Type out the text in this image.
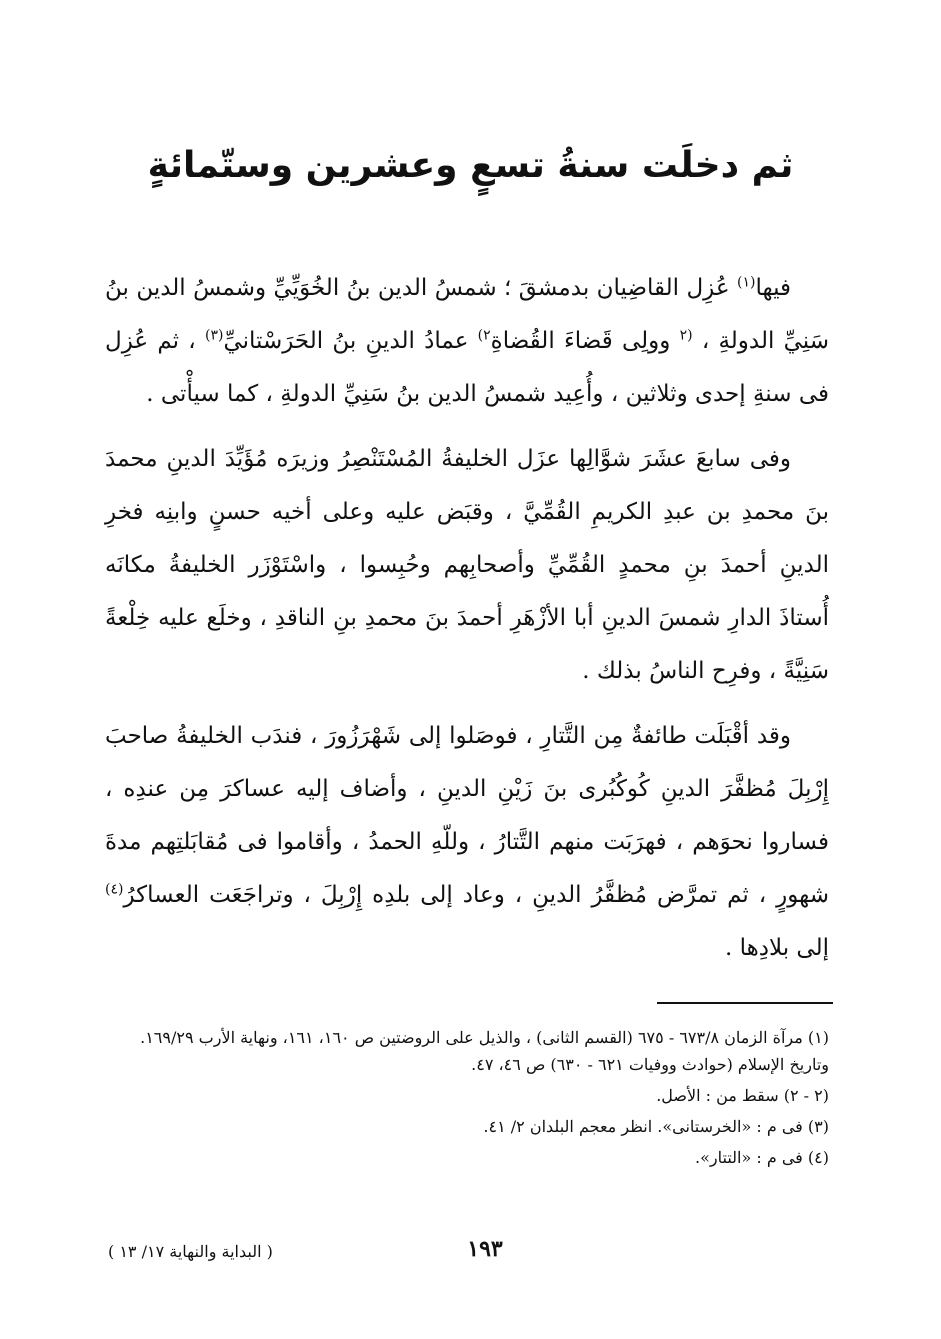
ثم دخلَت سنةُ تسعٍ وعشرين وستّمائةٍ

فيها$^{(١)}$ عُزِل القاضِيان بدمشقَ ؛ شمسُ الدين بنُ الخُوَيِّيِّ وشمسُ الدين بنُ سَنِيِّ الدولةِ ، $^{(٢}$ وولِى قَضاءَ القُضاةِ$^{٢)}$ عمادُ الدينِ بنُ الحَرَسْتانيِّ$^{(٣)}$ ، ثم عُزِل فى سنةِ إحدى وثلاثين ، وأُعِيد شمسُ الدين بنُ سَنِيِّ الدولةِ ، كما سيأْتى .

وفى سابعَ عشَرَ شوَّالِها عزَل الخليفةُ المُسْتَنْصِرُ وزيرَه مُؤَيِّدَ الدينِ محمدَ بنَ محمدِ بن عبدِ الكريمِ القُمِّيَّ ، وقبَض عليه وعلى أخيه حسنٍ وابنِه فخرِ الدينِ أحمدَ بنِ محمدٍ القُمِّيِّ وأصحابِهم وحُبِسوا ، واسْتَوْزَر الخليفةُ مكانَه أُستاذَ الدارِ شمسَ الدينِ أبا الأزْهَرِ أحمدَ بنَ محمدِ بنِ الناقدِ ، وخلَع عليه خِلْعةً سَنِيَّةً ، وفرِح الناسُ بذلك .

وقد أقْبَلَت طائفةٌ مِن التَّتارِ ، فوصَلوا إلى شَهْرَزُورَ ، فندَب الخليفةُ صاحبَ إِرْبِلَ مُظفَّرَ الدينِ كُوكُبُرى بنَ زَيْنِ الدينِ ، وأضاف إليه عساكرَ مِن عندِه ، فساروا نحوَهم ، فهرَبَت منهم التَّتارُ ، وللّهِ الحمدُ ، وأقاموا فى مُقابَلتِهم مدةَ شهورٍ ، ثم تمرَّض مُظفَّرُ الدينِ ، وعاد إلى بلدِه إِرْبِلَ ، وتراجَعَت العساكرُ$^{(٤)}$ إلى بلادِها .

(١) مرآة الزمان ٦٧٣/٨ - ٦٧٥ (القسم الثانى) ، والذيل على الروضتين ص ١٦٠، ١٦١، ونهاية الأرب ١٦٩/٢٩. وتاريخ الإسلام (حوادث ووفيات ٦٢١ - ٦٣٠) ص ٤٦، ٤٧.

(٢ - ٢) سقط من : الأصل.

(٣) فى م : «الخرستانى». انظر معجم البلدان ٢/ ٤١.

(٤) فى م : «التتار».

١٩٣
( البداية والنهاية ١٧/ ١٣ )
